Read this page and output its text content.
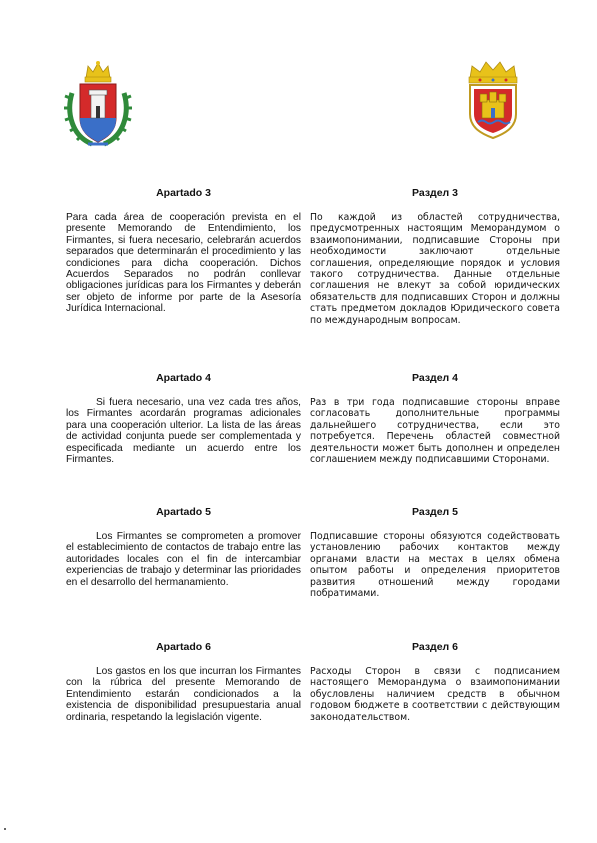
Apartado 3

Para cada área de cooperación prevista en el presente Memorando de Entendimiento, los Firmantes, si fuera necesario, celebrarán acuerdos separados que determinarán el procedimiento y las condiciones para dicha cooperación. Dichos Acuerdos Separados no podrán conllevar obligaciones jurídicas para los Firmantes y deberán ser objeto de informe por parte de la Asesoría Jurídica Internacional.

Раздел 3

По каждой из областей сотрудничества, предусмотренных настоящим Меморандумом о взаимопонимании, подписавшие Стороны при необходимости заключают отдельные соглашения, определяющие порядок и условия такого сотрудничества. Данные отдельные соглашения не влекут за собой юридических обязательств для подписавших Сторон и должны стать предметом докладов Юридического совета по международным вопросам.

Apartado 4

Si fuera necesario, una vez cada tres años, los Firmantes acordarán programas adicionales para una cooperación ulterior. La lista de las áreas de actividad conjunta puede ser complementada y especificada mediante un acuerdo entre los Firmantes.

Раздел 4

Раз в три года подписавшие стороны вправе согласовать дополнительные программы дальнейшего сотрудничества, если это потребуется. Перечень областей совместной деятельности может быть дополнен и определен соглашением между подписавшими Сторонами.

Apartado 5

Los Firmantes se comprometen a promover el establecimiento de contactos de trabajo entre las autoridades locales con el fin de intercambiar experiencias de trabajo y determinar las prioridades en el desarrollo del hermanamiento.

Раздел 5

Подписавшие стороны обязуются содействовать установлению рабочих контактов между органами власти на местах в целях обмена опытом работы и определения приоритетов развития отношений между городами побратимами.

Apartado 6

Los gastos en los que incurran los Firmantes con la rúbrica del presente Memorando de Entendimiento estarán condicionados a la existencia de disponibilidad presupuestaria anual ordinaria, respetando la legislación vigente.

Раздел 6

Расходы Сторон в связи с подписанием настоящего Меморандума о взаимопонимании обусловлены наличием средств в обычном годовом бюджете в соответствии с действующим законодательством.
